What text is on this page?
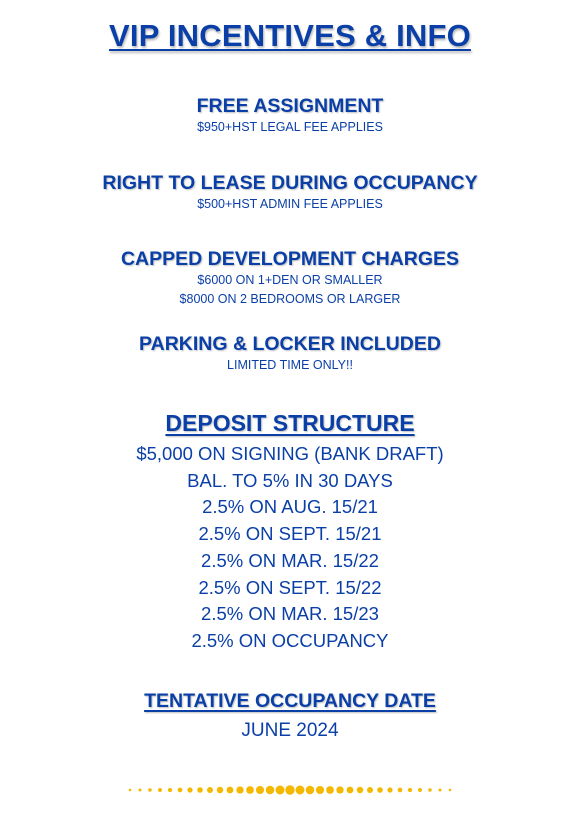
VIP INCENTIVES & INFO
FREE ASSIGNMENT
$950+HST LEGAL FEE APPLIES
RIGHT TO LEASE DURING OCCUPANCY
$500+HST ADMIN FEE APPLIES
CAPPED DEVELOPMENT CHARGES
$6000 ON 1+DEN OR SMALLER
$8000 ON 2 BEDROOMS OR LARGER
PARKING & LOCKER INCLUDED
LIMITED TIME ONLY!!
DEPOSIT STRUCTURE
$5,000 ON SIGNING (BANK DRAFT)
BAL. TO 5% IN 30 DAYS
2.5% ON AUG. 15/21
2.5% ON SEPT. 15/21
2.5% ON MAR. 15/22
2.5% ON SEPT. 15/22
2.5% ON MAR. 15/23
2.5% ON OCCUPANCY
TENTATIVE OCCUPANCY DATE
JUNE 2024
